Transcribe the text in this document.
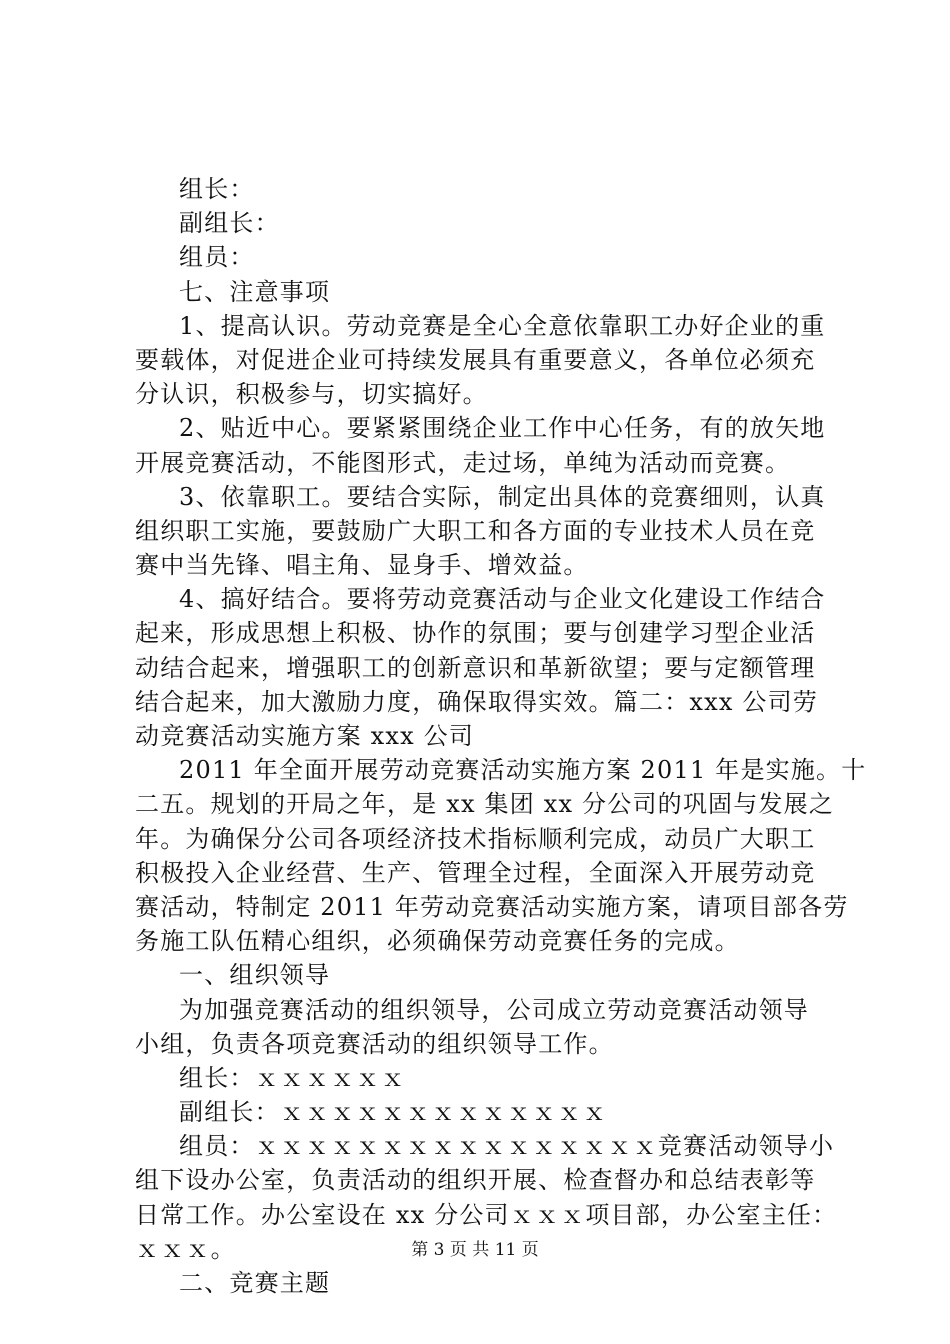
组长：
副组长：
组员：
七、注意事项
1、提高认识。劳动竞赛是全心全意依靠职工办好企业的重
要载体，对促进企业可持续发展具有重要意义，各单位必须充
分认识，积极参与，切实搞好。
2、贴近中心。要紧紧围绕企业工作中心任务，有的放矢地
开展竞赛活动，不能图形式，走过场，单纯为活动而竞赛。
3、依靠职工。要结合实际，制定出具体的竞赛细则，认真
组织职工实施，要鼓励广大职工和各方面的专业技术人员在竞
赛中当先锋、唱主角、显身手、增效益。
4、搞好结合。要将劳动竞赛活动与企业文化建设工作结合
起来，形成思想上积极、协作的氛围；要与创建学习型企业活
动结合起来，增强职工的创新意识和革新欲望；要与定额管理
结合起来，加大激励力度，确保取得实效。篇二：xxx 公司劳
动竞赛活动实施方案 xxx 公司
2011 年全面开展劳动竞赛活动实施方案 2011 年是实施。十
二五。规划的开局之年，是 xx 集团 xx 分公司的巩固与发展之
年。为确保分公司各项经济技术指标顺利完成，动员广大职工
积极投入企业经营、生产、管理全过程，全面深入开展劳动竞
赛活动，特制定 2011 年劳动竞赛活动实施方案，请项目部各劳
务施工队伍精心组织，必须确保劳动竞赛任务的完成。
一、组织领导
为加强竞赛活动的组织领导，公司成立劳动竞赛活动领导
小组，负责各项竞赛活动的组织领导工作。
组长：ｘｘｘｘｘｘ
副组长：ｘｘｘｘｘｘｘｘｘｘｘｘｘ
组员：ｘｘｘｘｘｘｘｘｘｘｘｘｘｘｘｘ竞赛活动领导小
组下设办公室，负责活动的组织开展、检查督办和总结表彰等
日常工作。办公室设在 xx 分公司ｘｘｘ项目部，办公室主任：
ｘｘｘ。
二、竞赛主题
第 3 页 共 11 页
